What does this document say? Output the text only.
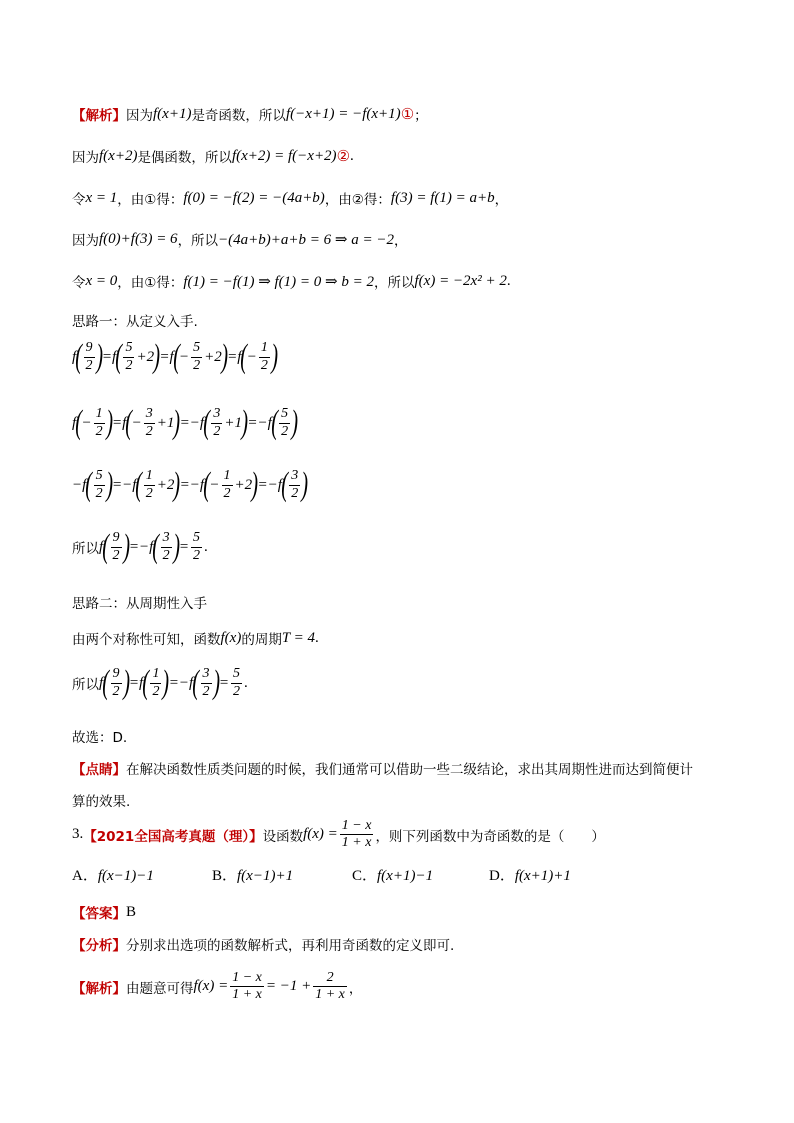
【解析】 因为 f(x+1) 是奇函数，所以 f(−x+1) = −f(x+1) ① ；
因为 f(x+2) 是偶函数，所以 f(x+2) = f(−x+2) ② .
令 x = 1 ，由①得： f(0) = −f(2) = −(4a+b) ，由②得： f(3) = f(1) = a+b ，
因为 f(0)+f(3) = 6 ，所以 −(4a+b)+a+b = 6 ⇒ a = −2 ，
令 x = 0 ，由①得： f(1) = −f(1) ⇒ f(1) = 0 ⇒ b = 2 ，所以 f(x) = −2x² + 2 .
思路一：从定义入手.
f ( $\frac{9}{2}$ ) = f ( $\frac{5}{2} +2$ ) = f ( − $\frac{5}{2} +2$ ) = f ( − $\frac{1}{2}$ )
f ( − $\frac{1}{2}$ ) = f ( − $\frac{3}{2} +1$ ) = − f ( $\frac{3}{2} +1$ ) = − f ( $\frac{5}{2}$ )
− f ( $\frac{5}{2}$ ) = − f ( $\frac{1}{2} +2$ ) = − f ( − $\frac{1}{2} +2$ ) = − f ( $\frac{3}{2}$ )
所以 f ( $\frac{9}{2}$ ) = − f ( $\frac{3}{2}$ ) = $\frac{5}{2}$ .
思路二：从周期性入手
由两个对称性可知，函数 f(x) 的周期 T = 4 .
所以 f ( $\frac{9}{2}$ ) = f ( $\frac{1}{2}$ ) = − f ( $\frac{3}{2}$ ) = $\frac{5}{2}$ .
故选：D.
【点睛】 在解决函数性质类问题的时候，我们通常可以借助一些二级结论，求出其周期性进而达到简便计
算的效果.
3. 【2021全国高考真题（理）】 设函数 $f(x) = \frac{1 - x}{1 + x}$ ，则下列函数中为奇函数的是（　　）
A．f(x−1)−1	B．f(x−1)+1	C．f(x+1)−1	D．f(x+1)+1
【答案】 B
【分析】 分别求出选项的函数解析式，再利用奇函数的定义即可.
【解析】 由题意可得 $f(x) = \frac{1 - x}{1 + x} = -1 + \frac{2}{1 + x}$ ，
